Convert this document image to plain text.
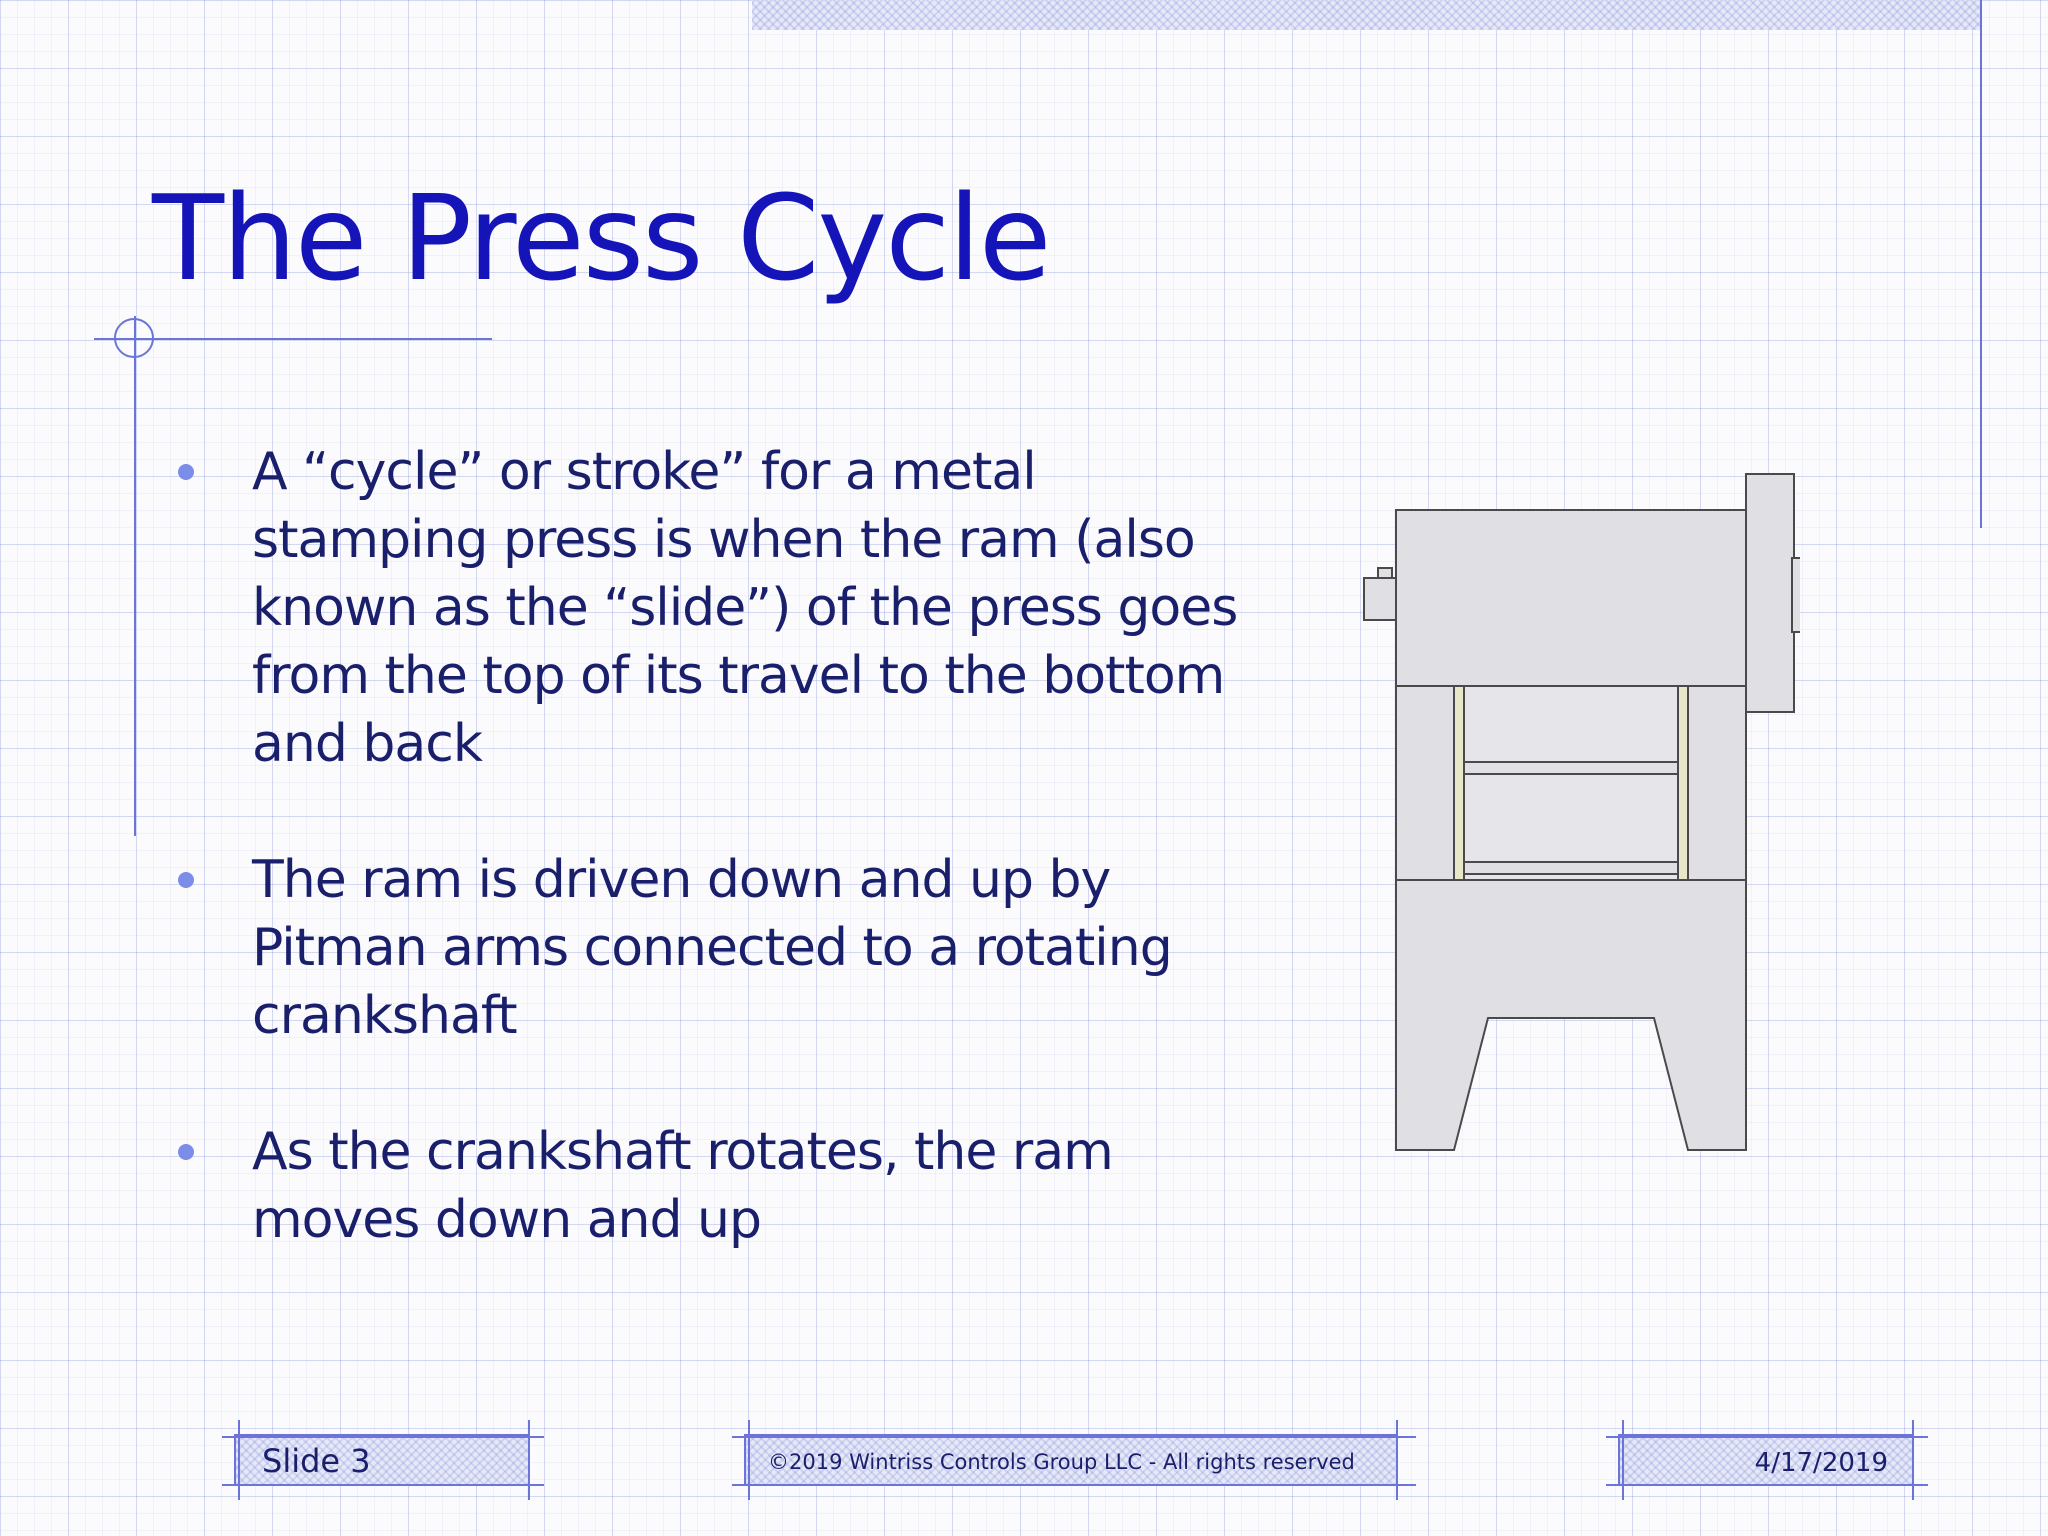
The Press Cycle
A “cycle” or stroke” for a metal stamping press is when the ram (also known as the “slide”) of the press goes from the top of its travel to the bottom and back
The ram is driven down and up by Pitman arms connected to a rotating crankshaft
As the crankshaft rotates, the ram moves down and up
Slide 3	©2019 Wintriss Controls Group LLC - All rights reserved	4/17/2019
